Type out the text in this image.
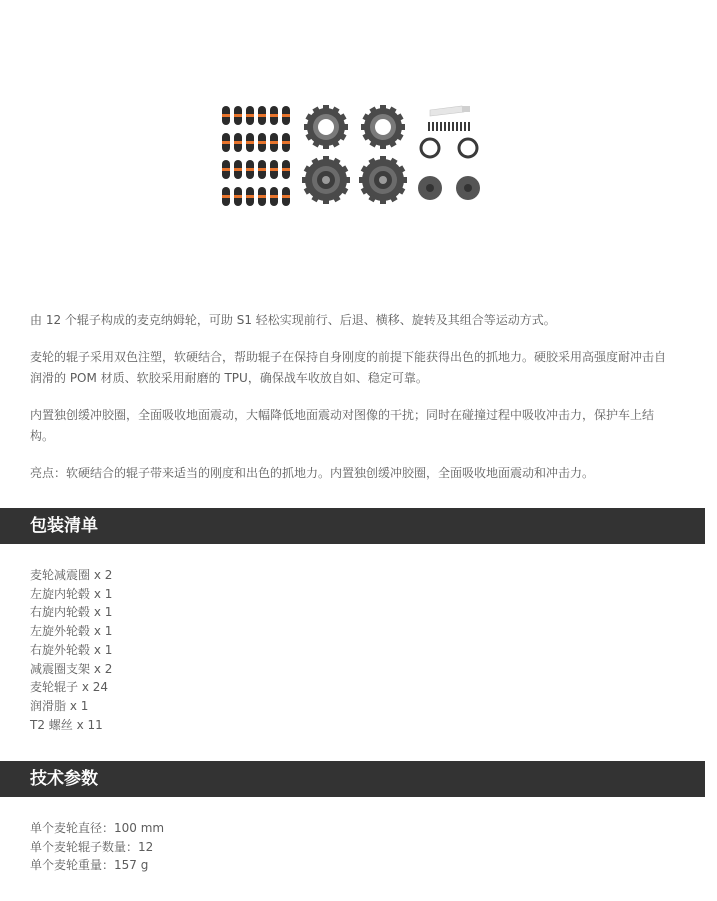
由 12 个辊子构成的麦克纳姆轮，可助 S1 轻松实现前行、后退、横移、旋转及其组合等运动方式。

麦轮的辊子采用双色注塑，软硬结合，帮助辊子在保持自身刚度的前提下能获得出色的抓地力。硬胶采用高强度耐冲击自润滑的 POM 材质、软胶采用耐磨的 TPU，确保战车收放自如、稳定可靠。

内置独创缓冲胶圈，全面吸收地面震动，大幅降低地面震动对图像的干扰；同时在碰撞过程中吸收冲击力，保护车上结构。

亮点：软硬结合的辊子带来适当的刚度和出色的抓地力。内置独创缓冲胶圈，全面吸收地面震动和冲击力。

包装清单
麦轮减震圈 x 2
左旋内轮毂 x 1
右旋内轮毂 x 1
左旋外轮毂 x 1
右旋外轮毂 x 1
减震圈支架 x 2
麦轮辊子 x 24
润滑脂 x 1
T2 螺丝 x 11
技术参数
单个麦轮直径：100 mm
单个麦轮辊子数量：12
单个麦轮重量：157 g
